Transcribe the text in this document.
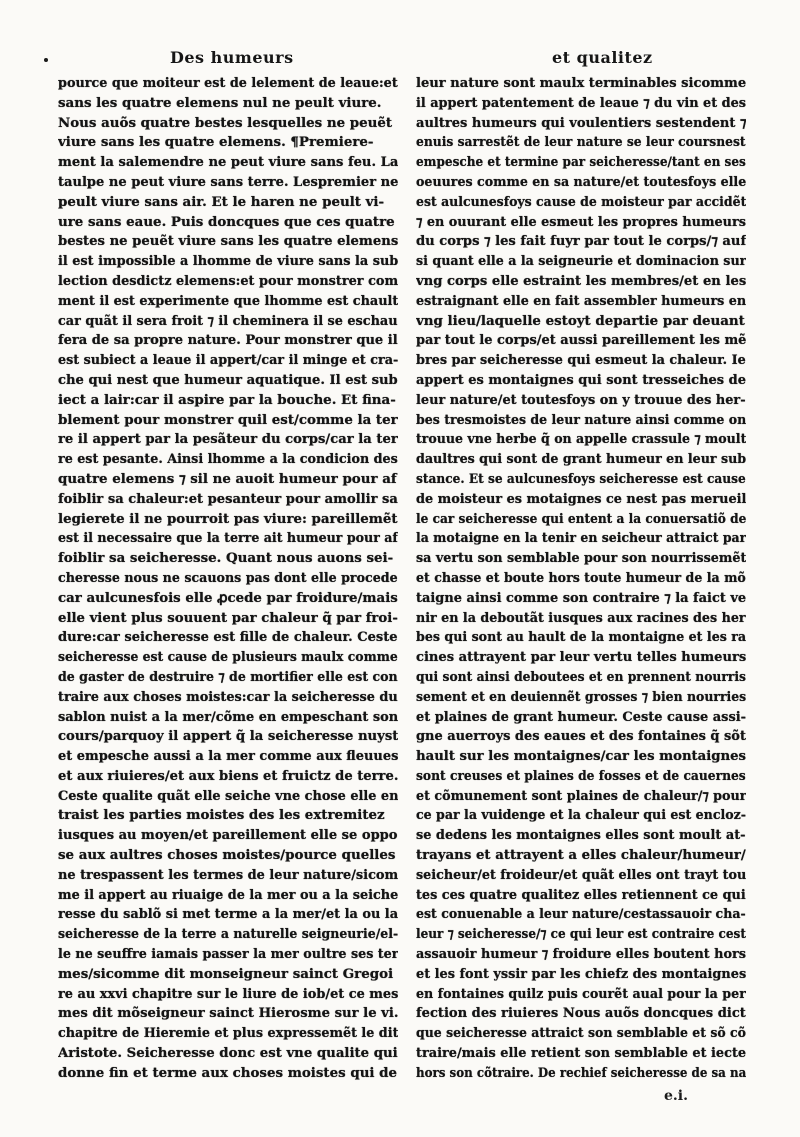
Des humeurs	et qualitez
pource que moiteur est de lelement de leaue:et
sans les quatre elemens nul ne peult viure.
Nous auõs quatre bestes lesquelles ne peuẽt
viure sans les quatre elemens. ¶Premiere-
ment la salemendre ne peut viure sans feu. La
taulpe ne peut viure sans terre. Lespremier ne
peult viure sans air. Et le haren ne peult vi-
ure sans eaue. Puis doncques que ces quatre
bestes ne peuẽt viure sans les quatre elemens
il est impossible a lhomme de viure sans la sub
lection desdictz elemens:et pour monstrer com
ment il est experimente que lhomme est chault
car quãt il sera froit ⁊ il cheminera il se eschau
fera de sa propre nature. Pour monstrer que il
est subiect a leaue il appert/car il minge et cra-
che qui nest que humeur aquatique. Il est sub
iect a lair:car il aspire par la bouche. Et fina-
blement pour monstrer quil est/comme la ter
re il appert par la pesãteur du corps/car la ter
re est pesante. Ainsi lhomme a la condicion des
quatre elemens ⁊ sil ne auoit humeur pour af
foiblir sa chaleur:et pesanteur pour amollir sa
legierete il ne pourroit pas viure: pareillemẽt
est il necessaire que la terre ait humeur pour af
foiblir sa seicheresse. Quant nous auons sei-
cheresse nous ne scauons pas dont elle procede
car aulcunesfois elle ꝓcede par froidure/mais
elle vient plus souuent par chaleur q̃ par froi-
dure:car seicheresse est fille de chaleur. Ceste
seicheresse est cause de plusieurs maulx comme
de gaster de destruire ⁊ de mortifier elle est con
traire aux choses moistes:car la seicheresse du
sablon nuist a la mer/cõme en empeschant son
cours/parquoy il appert q̃ la seicheresse nuyst
et empesche aussi a la mer comme aux fleuues
et aux riuieres/et aux biens et fruictz de terre.
Ceste qualite quãt elle seiche vne chose elle en
traist les parties moistes des les extremitez
iusques au moyen/et pareillement elle se oppo
se aux aultres choses moistes/pource quelles
ne trespassent les termes de leur nature/sicom
me il appert au riuaige de la mer ou a la seiche
resse du sablõ si met terme a la mer/et la ou la
seicheresse de la terre a naturelle seigneurie/el-
le ne seuffre iamais passer la mer oultre ses ter
mes/sicomme dit monseigneur sainct Gregoi
re au xxvi chapitre sur le liure de iob/et ce mes
mes dit mõseigneur sainct Hierosme sur le vi.
chapitre de Hieremie et plus expressemẽt le dit
Aristote. Seicheresse donc est vne qualite qui
donne fin et terme aux choses moistes qui de
leur nature sont maulx terminables sicomme
il appert patentement de leaue ⁊ du vin et des
aultres humeurs qui voulentiers sestendent ⁊
enuis sarrestẽt de leur nature se leur coursnest
empesche et termine par seicheresse/tant en ses
oeuures comme en sa nature/et toutesfoys elle
est aulcunesfoys cause de moisteur par accidẽt
⁊ en ouurant elle esmeut les propres humeurs
du corps ⁊ les fait fuyr par tout le corps/⁊ auf
si quant elle a la seigneurie et dominacion sur
vng corps elle estraint les membres/et en les
estraignant elle en fait assembler humeurs en
vng lieu/laquelle estoyt departie par deuant
par tout le corps/et aussi pareillement les mẽ
bres par seicheresse qui esmeut la chaleur. Ie
appert es montaignes qui sont tresseiches de
leur nature/et toutesfoys on y trouue des her-
bes tresmoistes de leur nature ainsi comme on
trouue vne herbe q̃ on appelle crassule ⁊ moult
daultres qui sont de grant humeur en leur sub
stance. Et se aulcunesfoys seicheresse est cause
de moisteur es motaignes ce nest pas merueil
le car seicheresse qui entent a la conuersatiõ de
la motaigne en la tenir en seicheur attraict par
sa vertu son semblable pour son nourrissemẽt
et chasse et boute hors toute humeur de la mõ
taigne ainsi comme son contraire ⁊ la faict ve
nir en la deboutãt iusques aux racines des her
bes qui sont au hault de la montaigne et les ra
cines attrayent par leur vertu telles humeurs
qui sont ainsi deboutees et en prennent nourris
sement et en deuiennẽt grosses ⁊ bien nourries
et plaines de grant humeur. Ceste cause assi-
gne auerroys des eaues et des fontaines q̃ sõt
hault sur les montaignes/car les montaignes
sont creuses et plaines de fosses et de cauernes
et cõmunement sont plaines de chaleur/⁊ pour
ce par la vuidenge et la chaleur qui est encloz-
se dedens les montaignes elles sont moult at-
trayans et attrayent a elles chaleur/humeur/
seicheur/et froideur/et quãt elles ont trayt tou
tes ces quatre qualitez elles retiennent ce qui
est conuenable a leur nature/cestassauoir cha-
leur ⁊ seicheresse/⁊ ce qui leur est contraire cest
assauoir humeur ⁊ froidure elles boutent hors
et les font yssir par les chiefz des montaignes
en fontaines quilz puis courẽt aual pour la per
fection des riuieres Nous auõs doncques dict
que seicheresse attraict son semblable et sõ cõ
traire/mais elle retient son semblable et iecte
hors son cõtraire. De rechief seicheresse de sa na
e.i.
